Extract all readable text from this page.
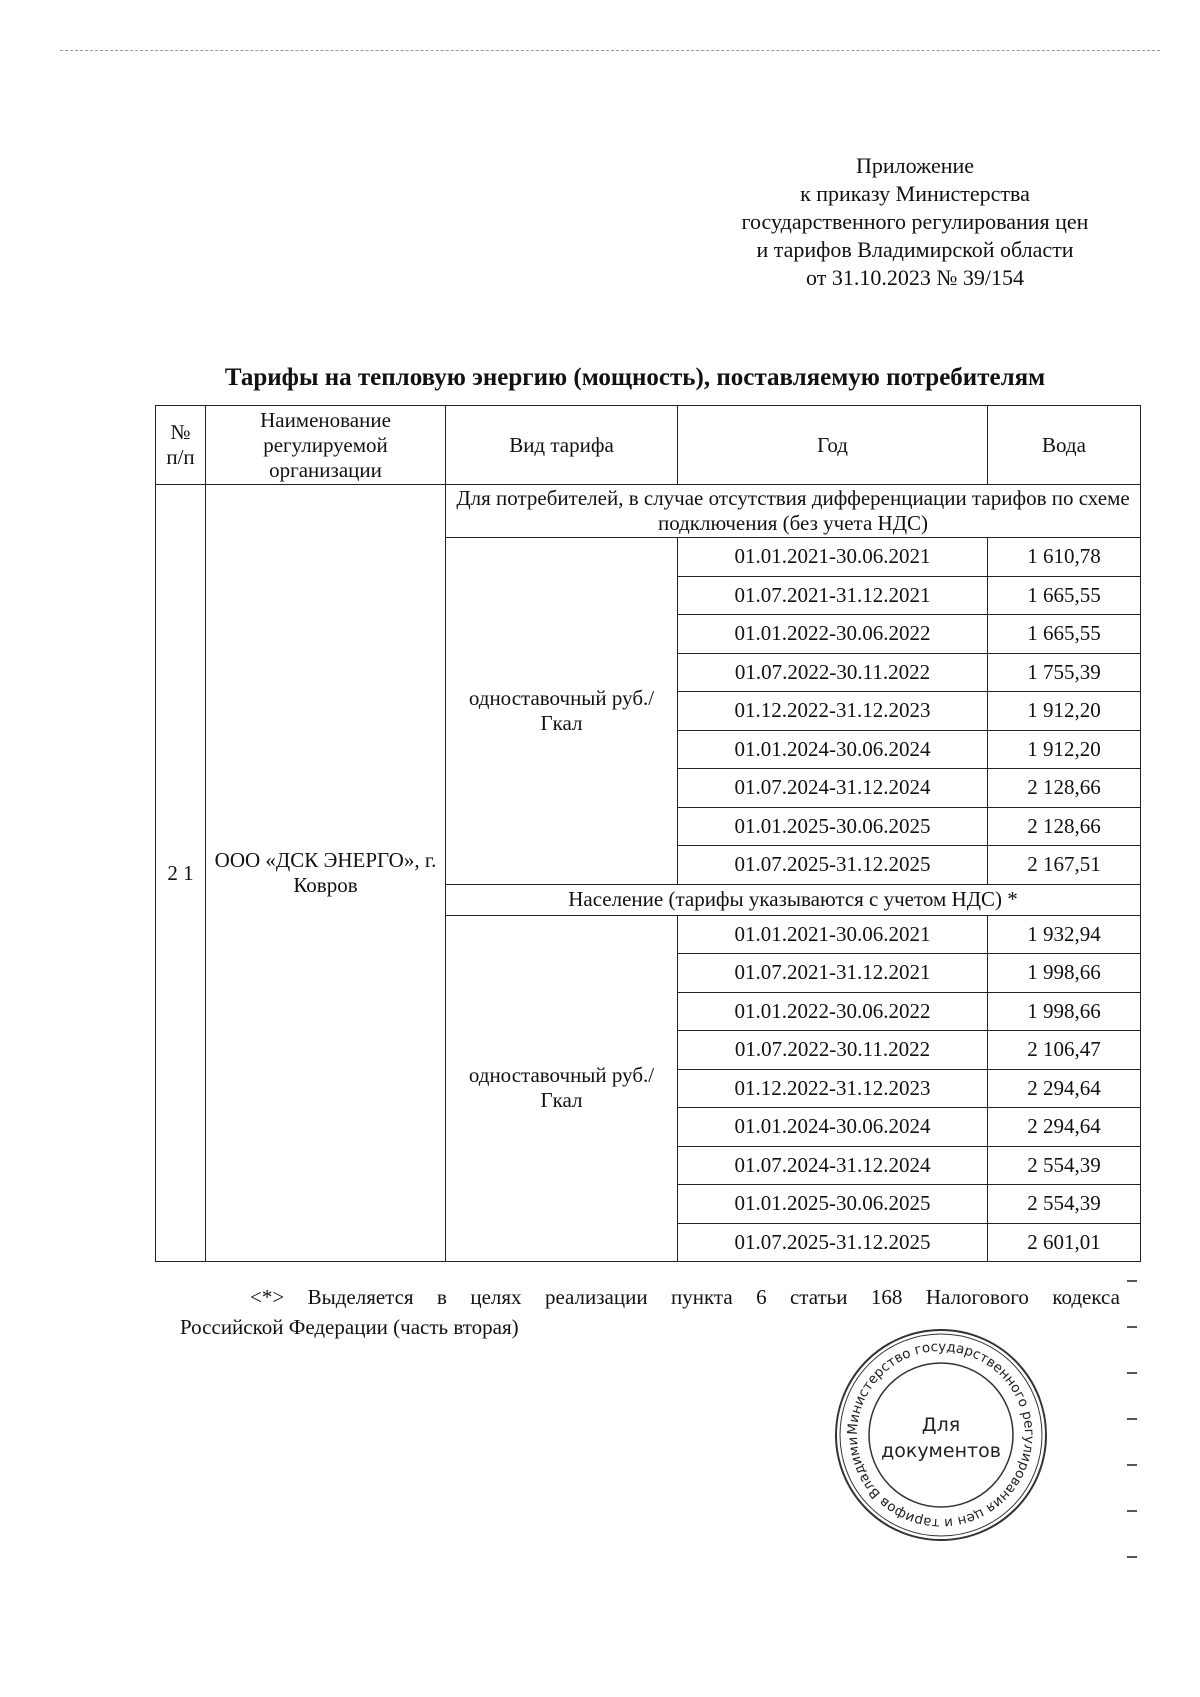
Приложение
к приказу Министерства
государственного регулирования цен
и тарифов Владимирской области
от 31.10.2023 № 39/154
Тарифы на тепловую энергию (мощность), поставляемую потребителям
№ п/п	Наименование регулируемой организации	Вид тарифа	Год	Вода
2 1	ООО «ДСК ЭНЕРГО», г. Ковров	Для потребителей, в случае отсутствия дифференциации тарифов по схеме подключения (без учета НДС)		
		одноставочный руб./Гкал	01.01.2021-30.06.2021	1 610,78
			01.07.2021-31.12.2021	1 665,55
			01.01.2022-30.06.2022	1 665,55
			01.07.2022-30.11.2022	1 755,39
			01.12.2022-31.12.2023	1 912,20
			01.01.2024-30.06.2024	1 912,20
			01.07.2024-31.12.2024	2 128,66
			01.01.2025-30.06.2025	2 128,66
			01.07.2025-31.12.2025	2 167,51
		Население (тарифы указываются с учетом НДС) *		
		одноставочный руб./Гкал	01.01.2021-30.06.2021	1 932,94
			01.07.2021-31.12.2021	1 998,66
			01.01.2022-30.06.2022	1 998,66
			01.07.2022-30.11.2022	2 106,47
			01.12.2022-31.12.2023	2 294,64
			01.01.2024-30.06.2024	2 294,64
			01.07.2024-31.12.2024	2 554,39
			01.01.2025-30.06.2025	2 554,39
			01.07.2025-31.12.2025	2 601,01
<*> Выделяется в целях реализации пункта 6 статьи 168 Налогового кодекса
Российской Федерации (часть вторая)
Министерство государственного регулирования цен и тарифов Владими
Для
документов
